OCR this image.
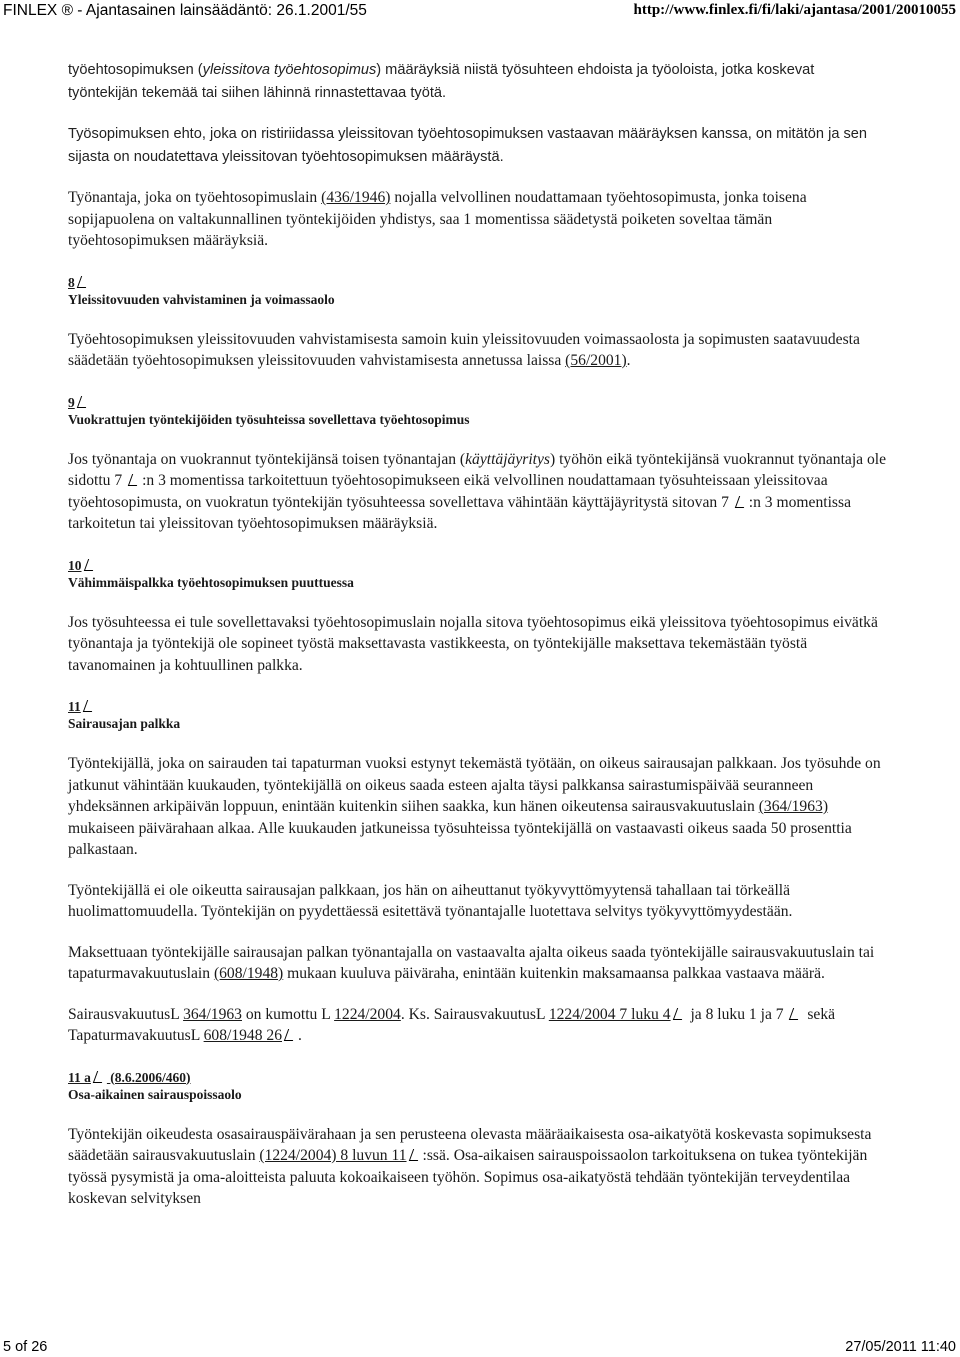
FINLEX ® - Ajantasainen lainsäädäntö: 26.1.2001/55	http://www.finlex.fi/fi/laki/ajantasa/2001/20010055

työehtosopimuksen (yleissitova työehtosopimus) määräyksiä niistä työsuhteen ehdoista ja työoloista, jotka koskevat työntekijän tekemää tai siihen lähinnä rinnastettavaa työtä.

Työsopimuksen ehto, joka on ristiriidassa yleissitovan työehtosopimuksen vastaavan määräyksen kanssa, on mitätön ja sen sijasta on noudatettava yleissitovan työehtosopimuksen määräystä.

Työnantaja, joka on työehtosopimuslain (436/1946) nojalla velvollinen noudattamaan työehtosopimusta, jonka toisena sopijapuolena on valtakunnallinen työntekijöiden yhdistys, saa 1 momentissa säädetystä poiketen soveltaa tämän työehtosopimuksen määräyksiä.

8
Yleissitovuuden vahvistaminen ja voimassaolo

Työehtosopimuksen yleissitovuuden vahvistamisesta samoin kuin yleissitovuuden voimassaolosta ja sopimusten saatavuudesta säädetään työehtosopimuksen yleissitovuuden vahvistamisesta annetussa laissa (56/2001).

9
Vuokrattujen työntekijöiden työsuhteissa sovellettava työehtosopimus

Jos työnantaja on vuokrannut työntekijänsä toisen työnantajan (käyttäjäyritys) työhön eikä työntekijänsä vuokrannut työnantaja ole sidottu 7 :n 3 momentissa tarkoitettuun työehtosopimukseen eikä velvollinen noudattamaan työsuhteissaan yleissitovaa työehtosopimusta, on vuokratun työntekijän työsuhteessa sovellettava vähintään käyttäjäyritystä sitovan 7 :n 3 momentissa tarkoitetun tai yleissitovan työehtosopimuksen määräyksiä.

10
Vähimmäispalkka työehtosopimuksen puuttuessa

Jos työsuhteessa ei tule sovellettavaksi työehtosopimuslain nojalla sitova työehtosopimus eikä yleissitova työehtosopimus eivätkä työnantaja ja työntekijä ole sopineet työstä maksettavasta vastikkeesta, on työntekijälle maksettava tekemästään työstä tavanomainen ja kohtuullinen palkka.

11
Sairausajan palkka

Työntekijällä, joka on sairauden tai tapaturman vuoksi estynyt tekemästä työtään, on oikeus sairausajan palkkaan. Jos työsuhde on jatkunut vähintään kuukauden, työntekijällä on oikeus saada esteen ajalta täysi palkkansa sairastumispäivää seuranneen yhdeksännen arkipäivän loppuun, enintään kuitenkin siihen saakka, kun hänen oikeutensa sairausvakuutuslain (364/1963) mukaiseen päivärahaan alkaa. Alle kuukauden jatkuneissa työsuhteissa työntekijällä on vastaavasti oikeus saada 50 prosenttia palkastaan.

Työntekijällä ei ole oikeutta sairausajan palkkaan, jos hän on aiheuttanut työkyvyttömyytensä tahallaan tai törkeällä huolimattomuudella. Työntekijän on pyydettäessä esitettävä työnantajalle luotettava selvitys työkyvyttömyydestään.

Maksettuaan työntekijälle sairausajan palkan työnantajalla on vastaavalta ajalta oikeus saada työntekijälle sairausvakuutuslain tai tapaturmavakuutuslain (608/1948) mukaan kuuluva päiväraha, enintään kuitenkin maksamaansa palkkaa vastaava määrä.

SairausvakuutusL 364/1963 on kumottu L 1224/2004. Ks. SairausvakuutusL 1224/2004 7 luku 4 ja 8 luku 1 ja 7  sekä TapaturmavakuutusL 608/1948 26 .

11 a (8.6.2006/460)
Osa-aikainen sairauspoissaolo

Työntekijän oikeudesta osasairauspäivärahaan ja sen perusteena olevasta määräaikaisesta osa-aikatyötä koskevasta sopimuksesta säädetään sairausvakuutuslain (1224/2004) 8 luvun 11 :ssä. Osa-aikaisen sairauspoissaolon tarkoituksena on tukea työntekijän työssä pysymistä ja oma-aloitteista paluuta kokoaikaiseen työhön. Sopimus osa-aikatyöstä tehdään työntekijän terveydentilaa koskevan selvityksen

5 of 26	27/05/2011 11:40
